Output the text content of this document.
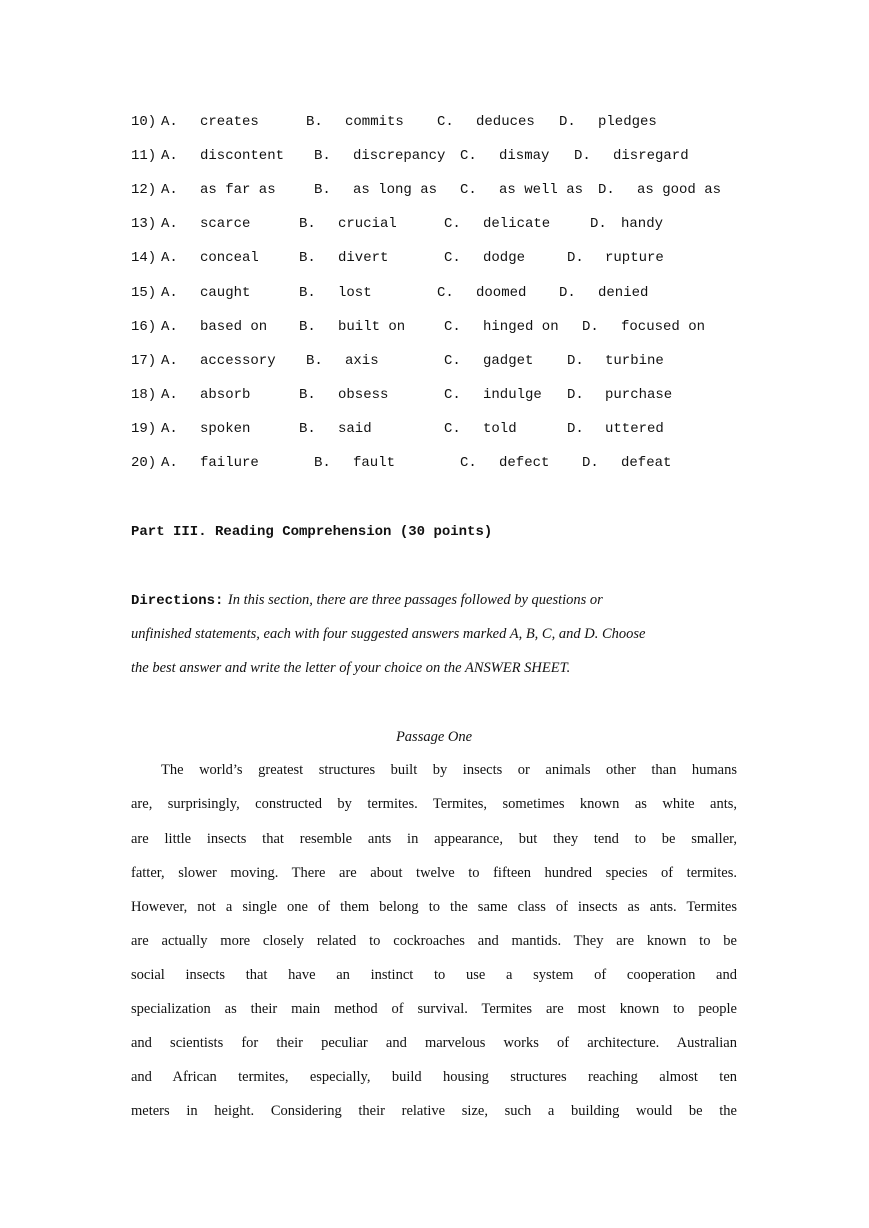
10) A. creates	B. commits C. deduces D. pledges
11) A. discontent B. discrepancy C. dismay D. disregard
12) A. as far as	B. as long as C. as well as D. as good as
13) A. scarce	B. crucial	C. delicate	D. handy
14) A. conceal	B. divert	C. dodge	D. rupture
15) A. caught	B. lost	C. doomed D. denied
16) A. based on B. built on	C. hinged on D. focused on
17) A. accessory B. axis	C. gadget D. turbine
18) A. absorb	B. obsess	C. indulge D. purchase
19) A. spoken	B. said	C. told	D. uttered
20) A. failure	B. fault	C. defect D. defeat
Part III. Reading Comprehension (30 points)
Directions: In this section, there are three passages followed by questions or
unfinished statements, each with four suggested answers marked A, B, C, and D. Choose
the best answer and write the letter of your choice on the ANSWER SHEET.
Passage One
The world’s greatest structures built by insects or animals other than humans
are, surprisingly, constructed by termites. Termites, sometimes known as white ants,
are little insects that resemble ants in appearance, but they tend to be smaller,
fatter, slower moving. There are about twelve to fifteen hundred species of termites.
However, not a single one of them belong to the same class of insects as ants. Termites
are actually more closely related to cockroaches and mantids. They are known to be
social insects that have an instinct to use a system of cooperation and
specialization as their main method of survival. Termites are most known to people
and scientists for their peculiar and marvelous works of architecture. Australian
and African termites, especially, build housing structures reaching almost ten
meters in height. Considering their relative size, such a building would be the
